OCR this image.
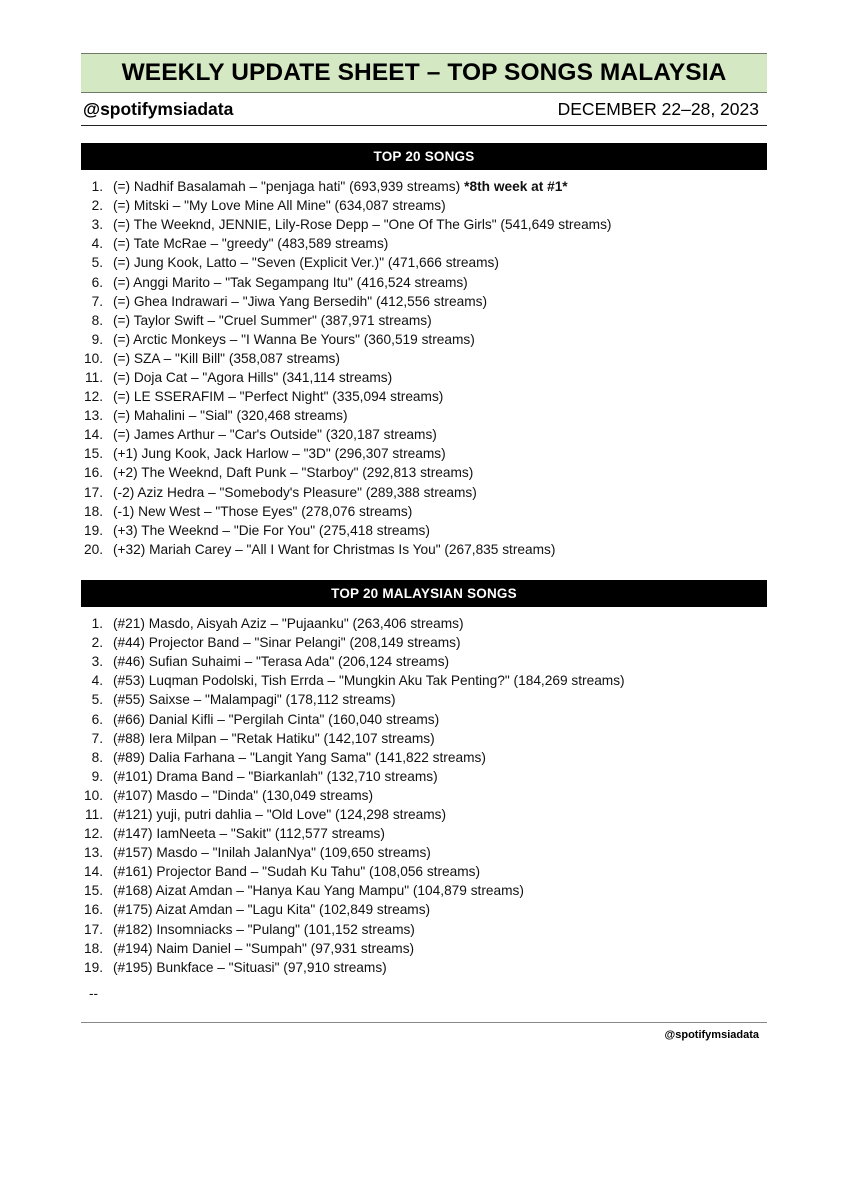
WEEKLY UPDATE SHEET – TOP SONGS MALAYSIA
@spotifymsiadata	DECEMBER 22–28, 2023
TOP 20 SONGS
1 . (=) Nadhif Basalamah – "penjaga hati" (693,939 streams) *8th week at #1*
2 . (=) Mitski – "My Love Mine All Mine" (634,087 streams)
3 . (=) The Weeknd, JENNIE, Lily-Rose Depp – "One Of The Girls" (541,649 streams)
4 . (=) Tate McRae – "greedy" (483,589 streams)
5 . (=) Jung Kook, Latto – "Seven (Explicit Ver.)" (471,666 streams)
6 . (=) Anggi Marito – "Tak Segampang Itu" (416,524 streams)
7 . (=) Ghea Indrawari – "Jiwa Yang Bersedih" (412,556 streams)
8 . (=) Taylor Swift – "Cruel Summer" (387,971 streams)
9 . (=) Arctic Monkeys – "I Wanna Be Yours" (360,519 streams)
10 . (=) SZA – "Kill Bill" (358,087 streams)
11 . (=) Doja Cat – "Agora Hills" (341,114 streams)
12 . (=) LE SSERAFIM – "Perfect Night" (335,094 streams)
13 . (=) Mahalini – "Sial" (320,468 streams)
14 . (=) James Arthur – "Car's Outside" (320,187 streams)
15 . (+1) Jung Kook, Jack Harlow – "3D" (296,307 streams)
16 . (+2) The Weeknd, Daft Punk – "Starboy" (292,813 streams)
17 . (-2) Aziz Hedra – "Somebody's Pleasure" (289,388 streams)
18 . (-1) New West – "Those Eyes" (278,076 streams)
19 . (+3) The Weeknd – "Die For You" (275,418 streams)
20 . (+32) Mariah Carey – "All I Want for Christmas Is You" (267,835 streams)
TOP 20 MALAYSIAN SONGS
1 . (#21) Masdo, Aisyah Aziz – "Pujaanku" (263,406 streams)
2 . (#44) Projector Band – "Sinar Pelangi" (208,149 streams)
3 . (#46) Sufian Suhaimi – "Terasa Ada" (206,124 streams)
4 . (#53) Luqman Podolski, Tish Errda – "Mungkin Aku Tak Penting?" (184,269 streams)
5 . (#55) Saixse – "Malampagi" (178,112 streams)
6 . (#66) Danial Kifli – "Pergilah Cinta" (160,040 streams)
7 . (#88) Iera Milpan – "Retak Hatiku" (142,107 streams)
8 . (#89) Dalia Farhana – "Langit Yang Sama" (141,822 streams)
9 . (#101) Drama Band – "Biarkanlah" (132,710 streams)
10 . (#107) Masdo – "Dinda" (130,049 streams)
11 . (#121) yuji, putri dahlia – "Old Love" (124,298 streams)
12 . (#147) IamNeeta – "Sakit" (112,577 streams)
13 . (#157) Masdo – "Inilah JalanNya" (109,650 streams)
14 . (#161) Projector Band – "Sudah Ku Tahu" (108,056 streams)
15 . (#168) Aizat Amdan – "Hanya Kau Yang Mampu" (104,879 streams)
16 . (#175) Aizat Amdan – "Lagu Kita" (102,849 streams)
17 . (#182) Insomniacks – "Pulang" (101,152 streams)
18 . (#194) Naim Daniel – "Sumpah" (97,931 streams)
19 . (#195) Bunkface – "Situasi" (97,910 streams)
--
@spotifymsiadata
